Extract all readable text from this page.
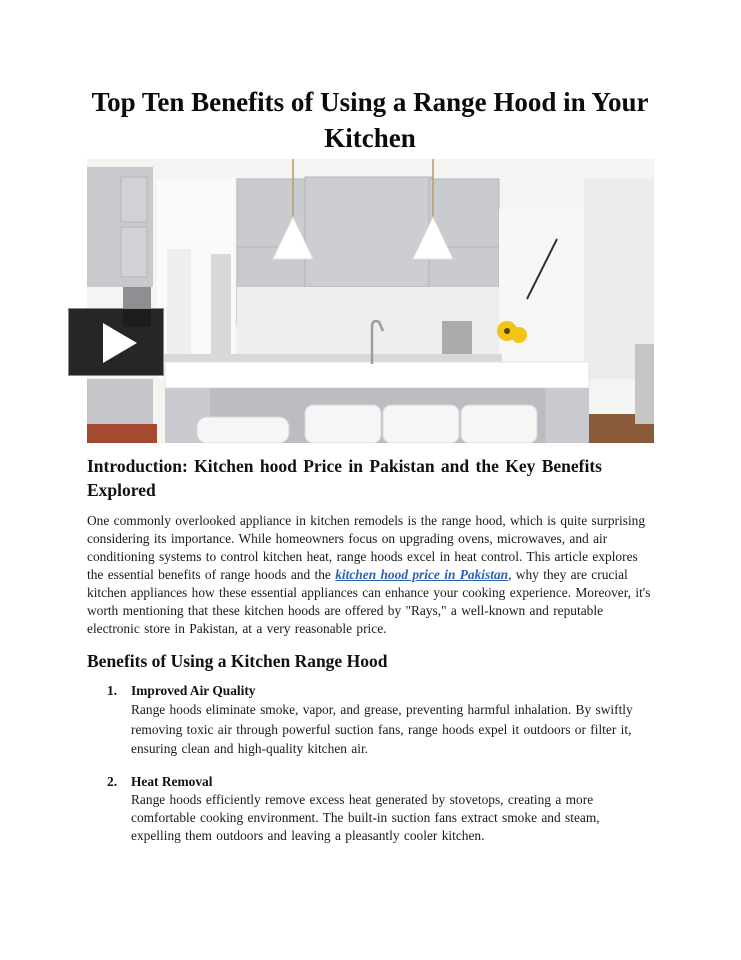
Top Ten Benefits of Using a Range Hood in Your Kitchen
Introduction: Kitchen hood Price in Pakistan and the Key Benefits Explored

One commonly overlooked appliance in kitchen remodels is the range hood, which is quite surprising considering its importance. While homeowners focus on upgrading ovens, microwaves, and air conditioning systems to control kitchen heat, range hoods excel in heat control. This article explores the essential benefits of range hoods and the kitchen hood price in Pakistan, why they are crucial kitchen appliances how these essential appliances can enhance your cooking experience. Moreover, it's worth mentioning that these kitchen hoods are offered by "Rays," a well-known and reputable electronic store in Pakistan, at a very reasonable price.

Benefits of Using a Kitchen Range Hood
1. Improved Air Quality

Range hoods eliminate smoke, vapor, and grease, preventing harmful inhalation. By swiftly removing toxic air through powerful suction fans, range hoods expel it outdoors or filter it, ensuring clean and high-quality kitchen air.

2. Heat Removal

Range hoods efficiently remove excess heat generated by stovetops, creating a more comfortable cooking environment. The built-in suction fans extract smoke and steam, expelling them outdoors and leaving a pleasantly cooler kitchen.
